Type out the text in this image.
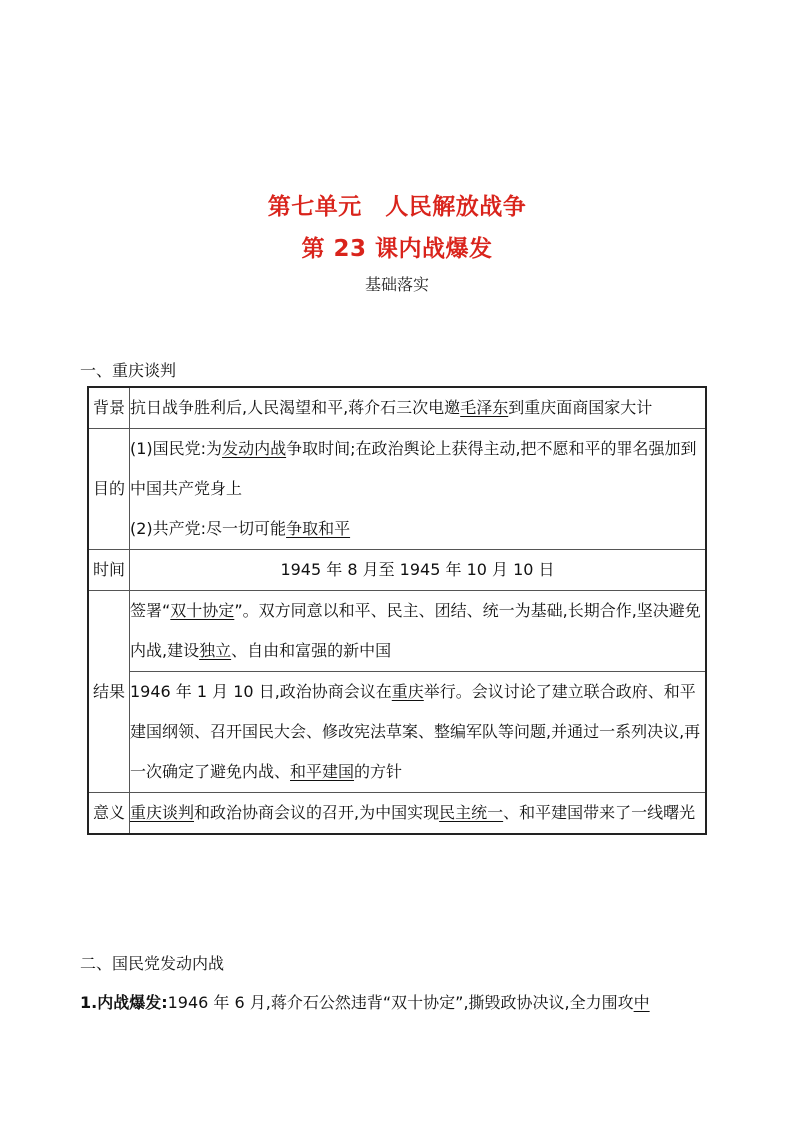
第七单元　人民解放战争
第 23 课内战爆发
基础落实
一、重庆谈判
背景	抗日战争胜利后,人民渴望和平,蒋介石三次电邀毛泽东到重庆面商国家大计
目的	(1)国民党:为发动内战争取时间;在政治舆论上获得主动,把不愿和平的罪名强加到中国共产党身上
(2)共产党:尽一切可能争取和平

时间	1945 年 8 月至 1945 年 10 月 10 日
结果	签署“双十协定”。双方同意以和平、民主、团结、统一为基础,长期合作,坚决避免内战,建设独立、自由和富强的新中国
	1946 年 1 月 10 日,政治协商会议在重庆举行。会议讨论了建立联合政府、和平建国纲领、召开国民大会、修改宪法草案、整编军队等问题,并通过一系列决议,再一次确定了避免内战、和平建国的方针
意义	重庆谈判和政治协商会议的召开,为中国实现民主统一、和平建国带来了一线曙光
二、国民党发动内战
1.内战爆发:1946 年 6 月,蒋介石公然违背“双十协定”,撕毁政协决议,全力围攻中
